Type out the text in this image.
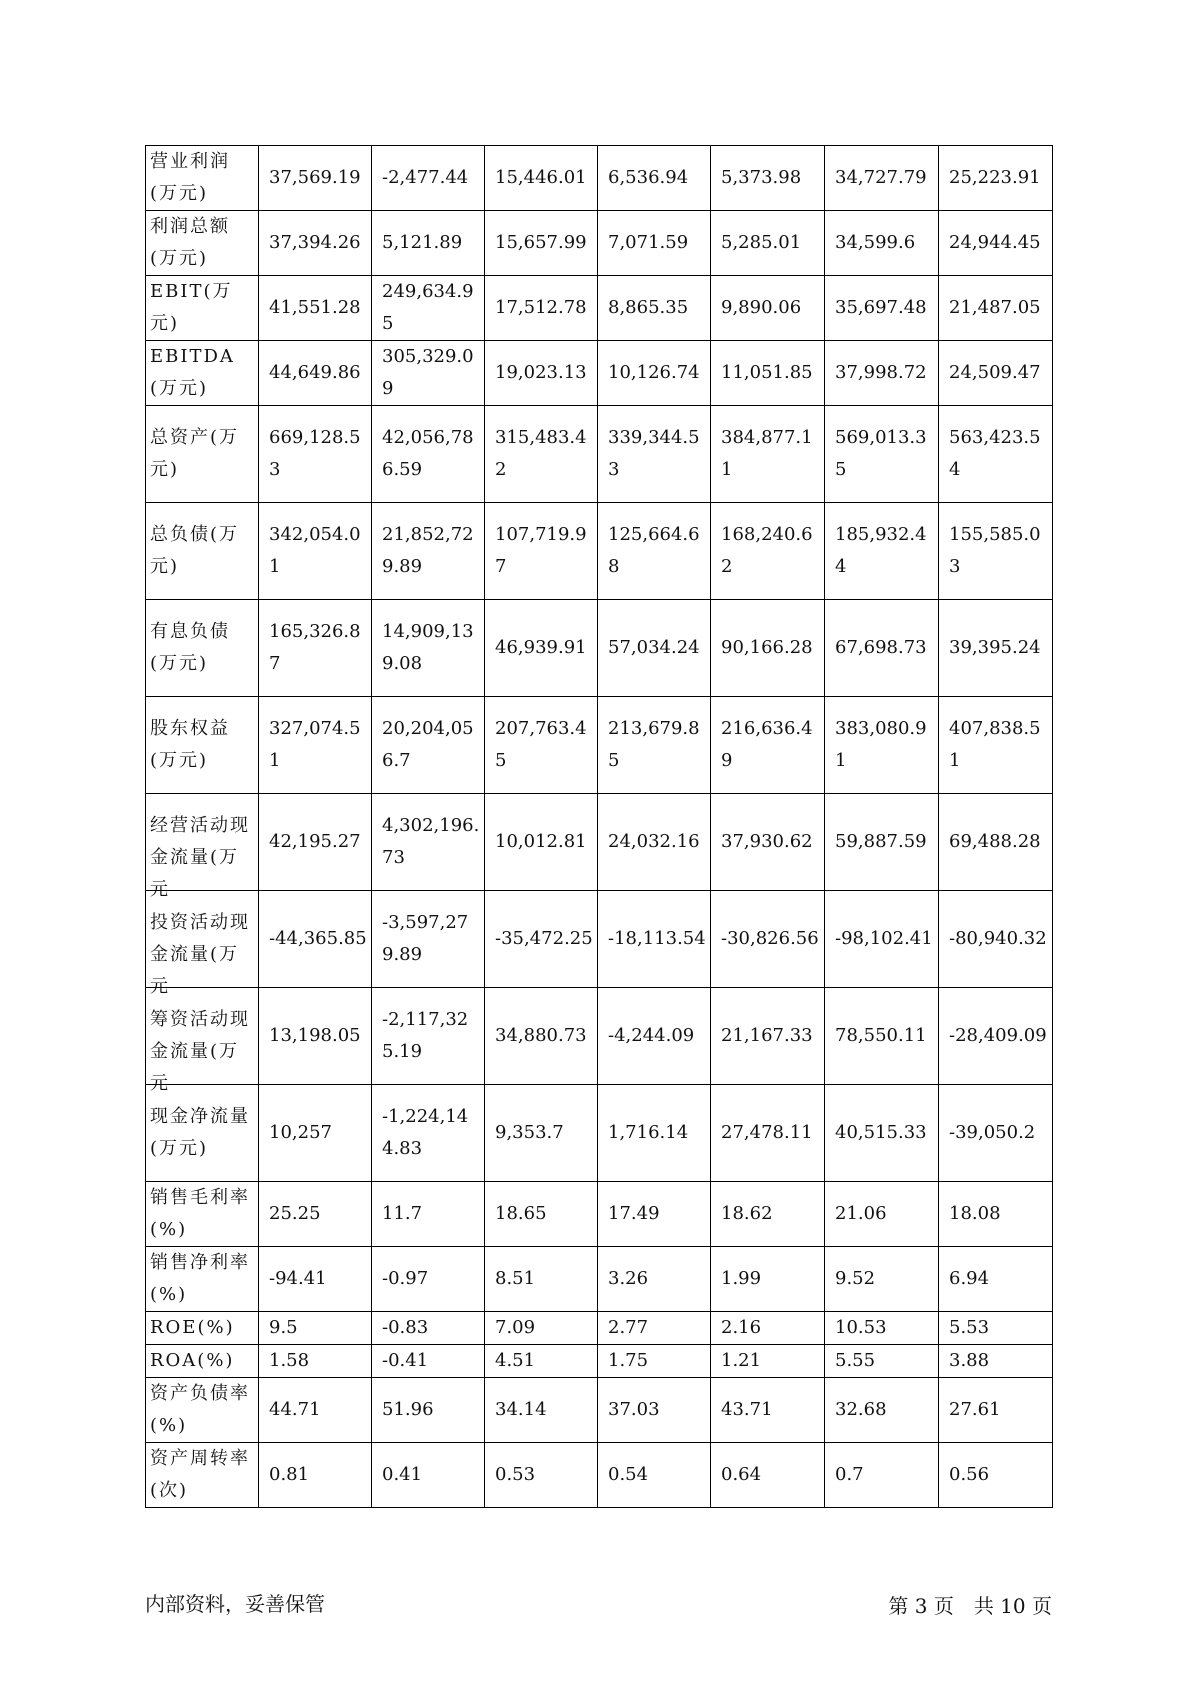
营业利润(万元)	37,569.19	-2,477.44	15,446.01	6,536.94	5,373.98	34,727.79	25,223.91

利润总额(万元)	37,394.26	5,121.89	15,657.99	7,071.59	5,285.01	34,599.6	24,944.45

EBIT(万元)	41,551.28	249,634.95	17,512.78	8,865.35	9,890.06	35,697.48	21,487.05

EBITDA(万元)	44,649.86	305,329.09	19,023.13	10,126.74	11,051.85	37,998.72	24,509.47

总资产(万元)	669,128.53	42,056,786.59	315,483.42	339,344.53	384,877.11	569,013.35	563,423.54

总负债(万元)	342,054.01	21,852,729.89	107,719.97	125,664.68	168,240.62	185,932.44	155,585.03

有息负债(万元)	165,326.87	14,909,139.08	46,939.91	57,034.24	90,166.28	67,698.73	39,395.24

股东权益(万元)	327,074.51	20,204,056.7	207,763.45	213,679.85	216,636.49	383,080.91	407,838.51

经营活动现金流量(万元	42,195.27	4,302,196.73	10,012.81	24,032.16	37,930.62	59,887.59	69,488.28

投资活动现金流量(万元	-44,365.85	-3,597,279.89	-35,472.25	-18,113.54	-30,826.56	-98,102.41	-80,940.32

筹资活动现金流量(万元	13,198.05	-2,117,325.19	34,880.73	-4,244.09	21,167.33	78,550.11	-28,409.09

现金净流量(万元)	10,257	-1,224,144.83	9,353.7	1,716.14	27,478.11	40,515.33	-39,050.2

销售毛利率(%)	25.25	11.7	18.65	17.49	18.62	21.06	18.08

销售净利率(%)	-94.41	-0.97	8.51	3.26	1.99	9.52	6.94

ROE(%)	9.5	-0.83	7.09	2.77	2.16	10.53	5.53

ROA(%)	1.58	-0.41	4.51	1.75	1.21	5.55	3.88

资产负债率(%)	44.71	51.96	34.14	37.03	43.71	32.68	27.61

资产周转率(次)	0.81	0.41	0.53	0.54	0.64	0.7	0.56
内部资料，妥善保管	第 3 页　共 10 页
